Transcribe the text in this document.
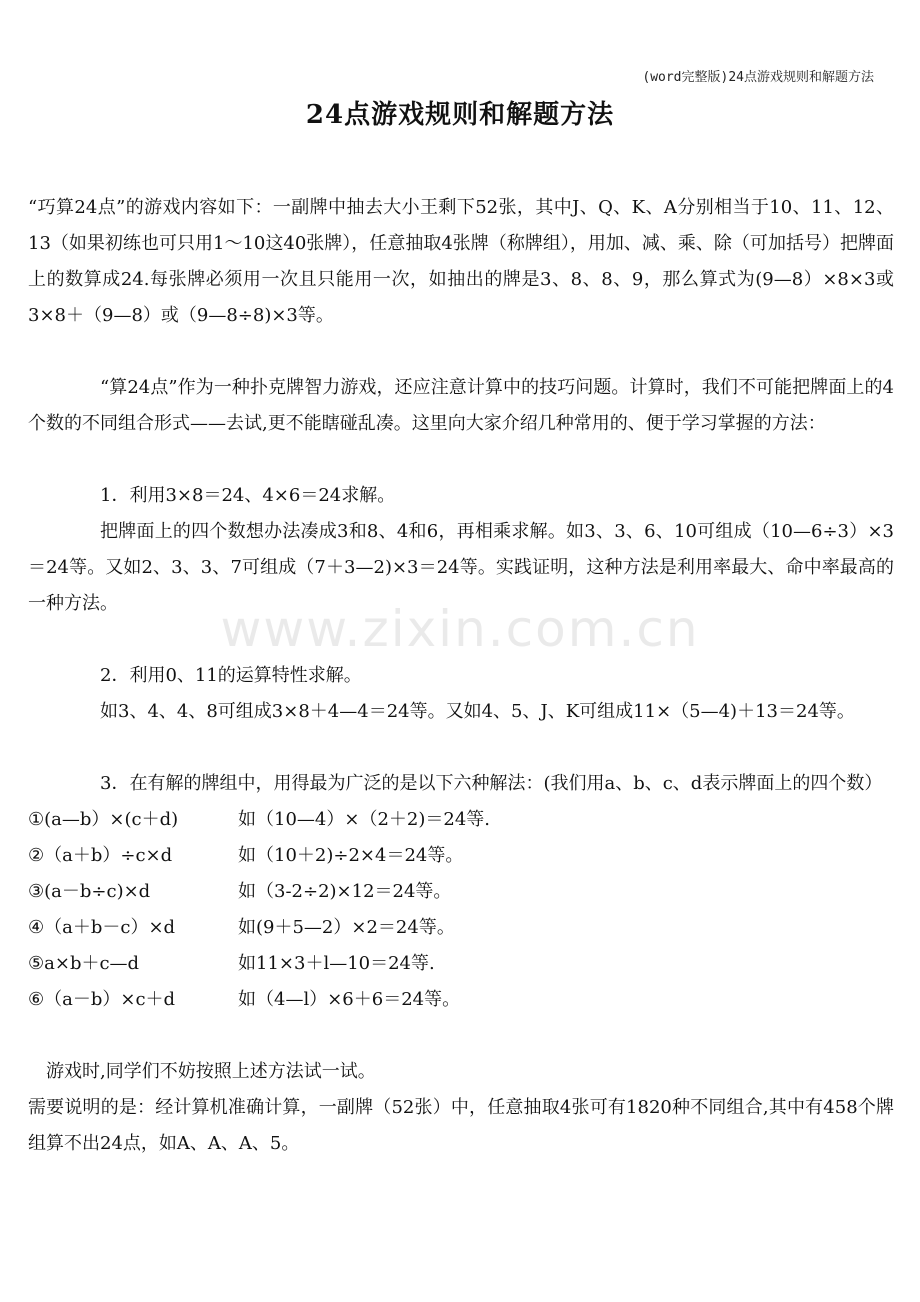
(word完整版)24点游戏规则和解题方法
24点游戏规则和解题方法
www.zixin.com.cn

“巧算24点”的游戏内容如下：一副牌中抽去大小王剩下52张，其中J、Q、K、A分别相当于10、11、12、13（如果初练也可只用1～10这40张牌），任意抽取4张牌（称牌组），用加、减、乘、除（可加括号）把牌面上的数算成24.每张牌必须用一次且只能用一次，如抽出的牌是3、8、8、9，那么算式为(9—8）×8×3或3×8＋（9—8）或（9—8÷8)×3等。

“算24点”作为一种扑克牌智力游戏，还应注意计算中的技巧问题。计算时，我们不可能把牌面上的4个数的不同组合形式——去试,更不能瞎碰乱凑。这里向大家介绍几种常用的、便于学习掌握的方法：

1．利用3×8＝24、4×6＝24求解。

把牌面上的四个数想办法凑成3和8、4和6，再相乘求解。如3、3、6、10可组成（10—6÷3）×3＝24等。又如2、3、3、7可组成（7＋3—2)×3＝24等。实践证明，这种方法是利用率最大、命中率最高的一种方法。

2．利用0、11的运算特性求解。

如3、4、4、8可组成3×8＋4—4＝24等。又如4、5、J、K可组成11×（5—4)＋13＝24等。

3．在有解的牌组中，用得最为广泛的是以下六种解法：(我们用a、b、c、d表示牌面上的四个数）

①(a—b）×(c＋d)	如（10—4）×（2＋2)＝24等.
②（a＋b）÷c×d	如（10＋2)÷2×4＝24等。
③(a－b÷c)×d	如（3-2÷2)×12＝24等。
④（a＋b－c）×d	如(9＋5—2）×2＝24等。
⑤a×b＋c—d	如11×3＋l—10＝24等.
⑥（a－b）×c＋d	如（4—l）×6＋6＝24等。

游戏时,同学们不妨按照上述方法试一试。

需要说明的是：经计算机准确计算，一副牌（52张）中，任意抽取4张可有1820种不同组合,其中有458个牌组算不出24点，如A、A、A、5。
